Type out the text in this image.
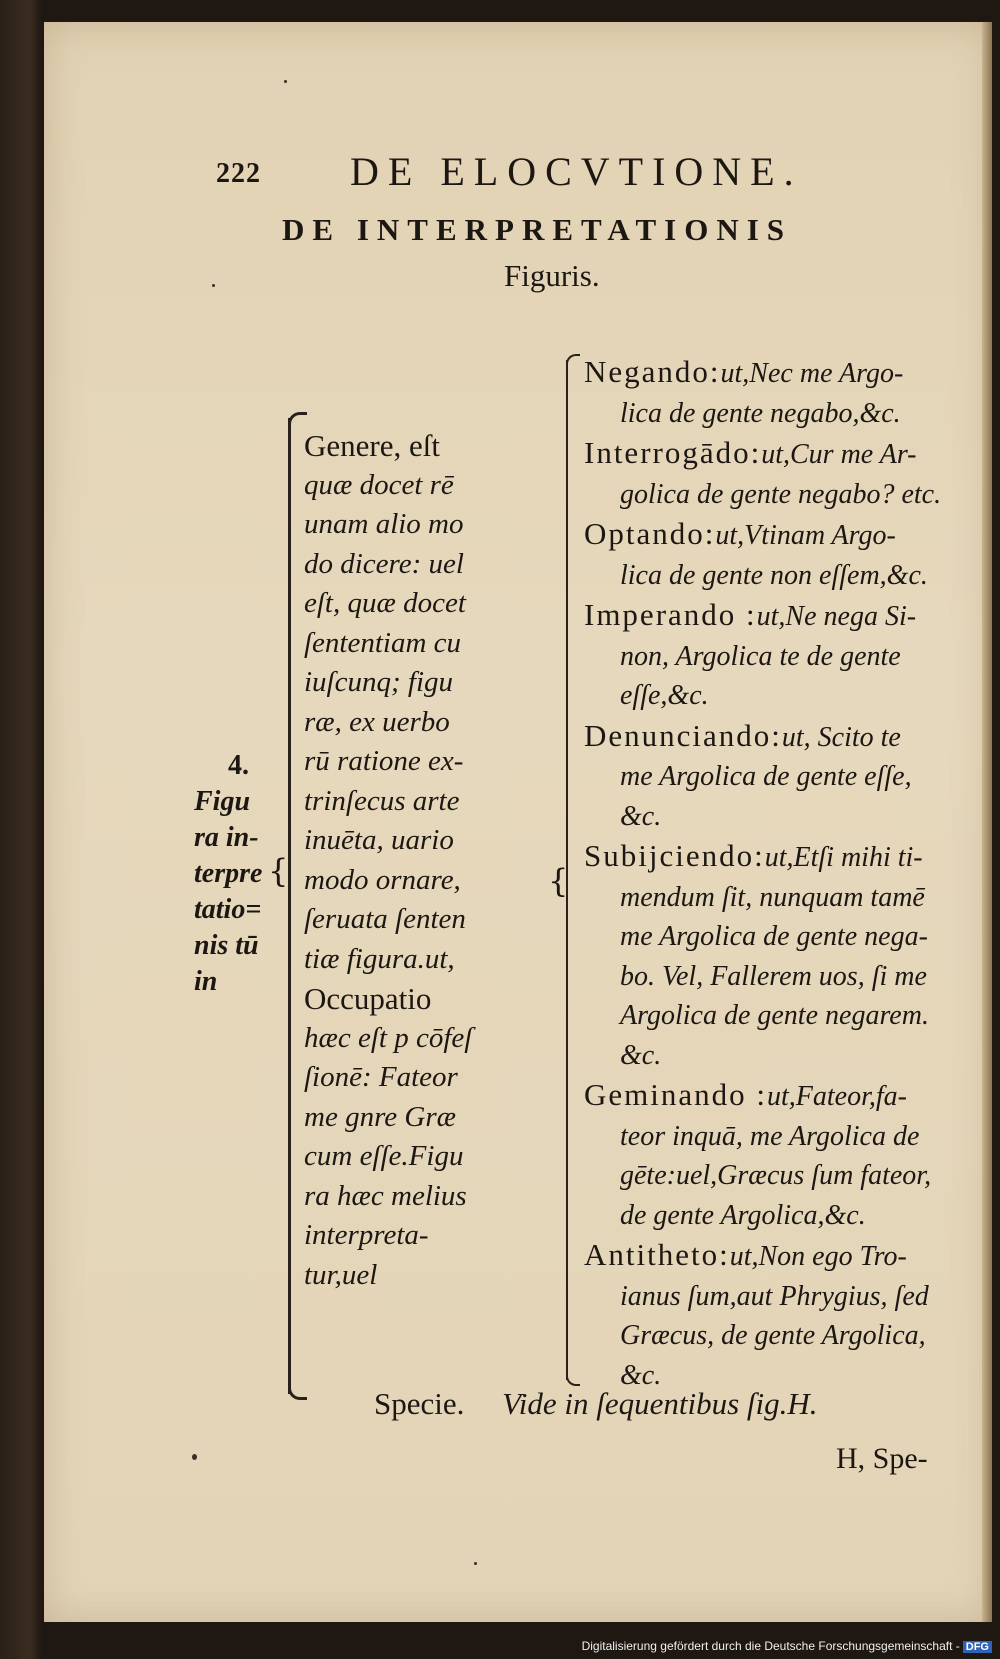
222 DE ELOCVTIONE.
DE INTERPRETATIONIS
Figuris.
4.
Figu
ra in-
terpre
tatio=
nis tū
in
{
Genere, eſt
quæ docet rē
unam alio mo
do dicere: uel
eſt, quæ docet
ſententiam cu
iuſcunq; figu
ræ, ex uerbo
rū ratione ex-
trinſecus arte
inuēta, uario
modo ornare,
ſeruata ſenten
tiæ figura.ut,
Occupatio
hæc eſt p cōfeſ
ſionē: Fateor
me gnre Græ
cum eſſe.Figu
ra hæc melius
interpreta-
tur,uel
{
Negando:ut,Nec me Argo-
lica de gente negabo,&c.
Interrogādo:ut,Cur me Ar-
golica de gente negabo? etc.
Optando:ut,Vtinam Argo-
lica de gente non eſſem,&c.
Imperando :ut,Ne nega Si-
non, Argolica te de gente
eſſe,&c.
Denunciando:ut, Scito te
me Argolica de gente eſſe,
&c.
Subijciendo:ut,Etſi mihi ti-
mendum ſit, nunquam tamē
me Argolica de gente nega-
bo. Vel, Fallerem uos, ſi me
Argolica de gente negarem.
&c.
Geminando :ut,Fateor,fa-
teor inquā, me Argolica de
gēte:uel,Græcus ſum fateor,
de gente Argolica,&c.
Antitheto:ut,Non ego Tro-
ianus ſum,aut Phrygius, ſed
Græcus, de gente Argolica,
&c.
Specie. Vide in ſequentibus ſig.H.
H, Spe-
Digitalisierung gefördert durch die Deutsche Forschungsgemeinschaft - DFG
